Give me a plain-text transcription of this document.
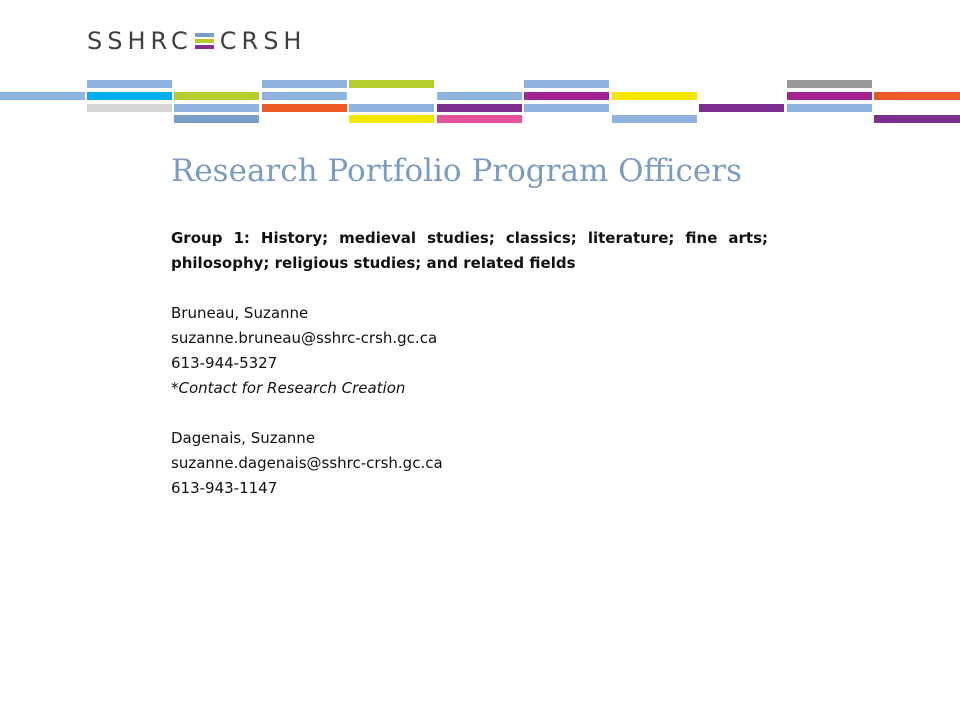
SSHRC CRSH
Research Portfolio Program Officers
Group 1: History; medieval studies; classics; literature; fine arts; philosophy; religious studies; and related fields
Bruneau, Suzanne
suzanne.bruneau@sshrc-crsh.gc.ca
613-944-5327
*Contact for Research Creation
Dagenais, Suzanne
suzanne.dagenais@sshrc-crsh.gc.ca
613-943-1147
